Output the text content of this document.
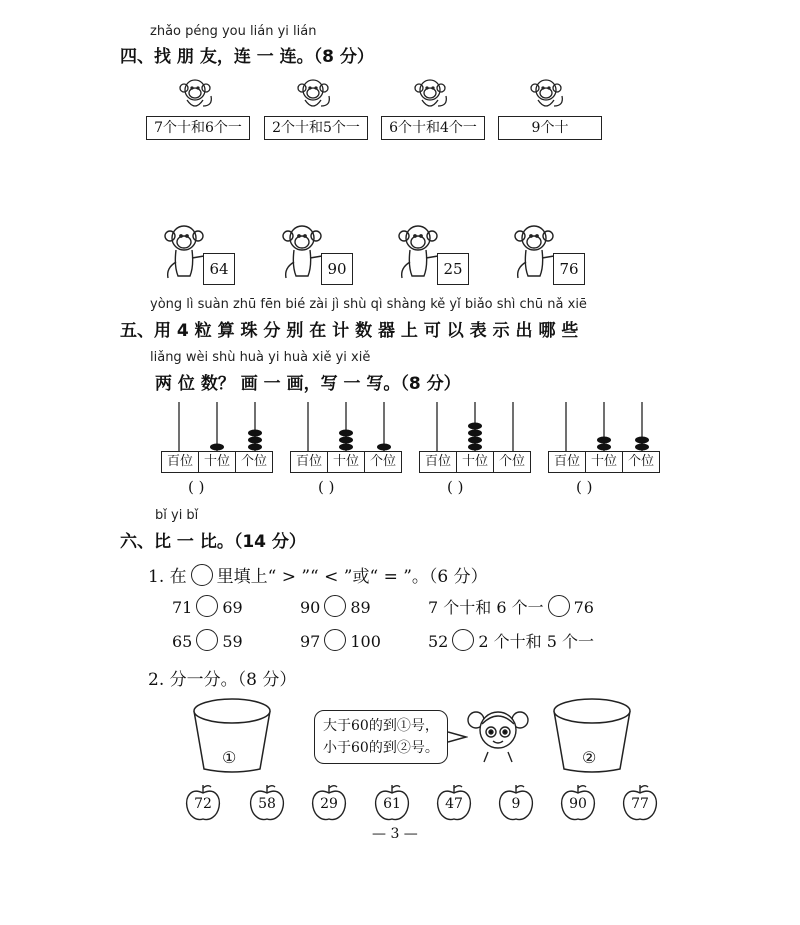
zhǎo péng you lián yi lián
四、找 朋 友，连 一 连。（8 分）
7个十和6个一	2个十和5个一	6个十和4个一	9个十
64	90	25	76
yòng lì suàn zhū fēn bié zài jì shù qì shàng kě yǐ biǎo shì chū nǎ xiē
五、用 4 粒 算 珠 分 别 在 计 数 器 上 可 以 表 示 出 哪 些
liǎng wèi shù huà yi huà xiě yi xiě
两 位 数？ 画 一 画，写 一 写。（8 分）
百位 十位 个位
( )
百位 十位 个位
( )
百位 十位 个位
( )
百位 十位 个位
( )
bǐ yi bǐ
六、比 一 比。（14 分）
1. 在 里填上“ > ”“ < ”或“ = ”。（6 分）
71 69	90 89	7 个十和 6 个一 76
65 59	97 100	52 2 个十和 5 个一
2. 分一分。（8 分）
①	②
大于60的到①号，
小于60的到②号。
72	58	29	61	47	9	90	77
— 3 —
